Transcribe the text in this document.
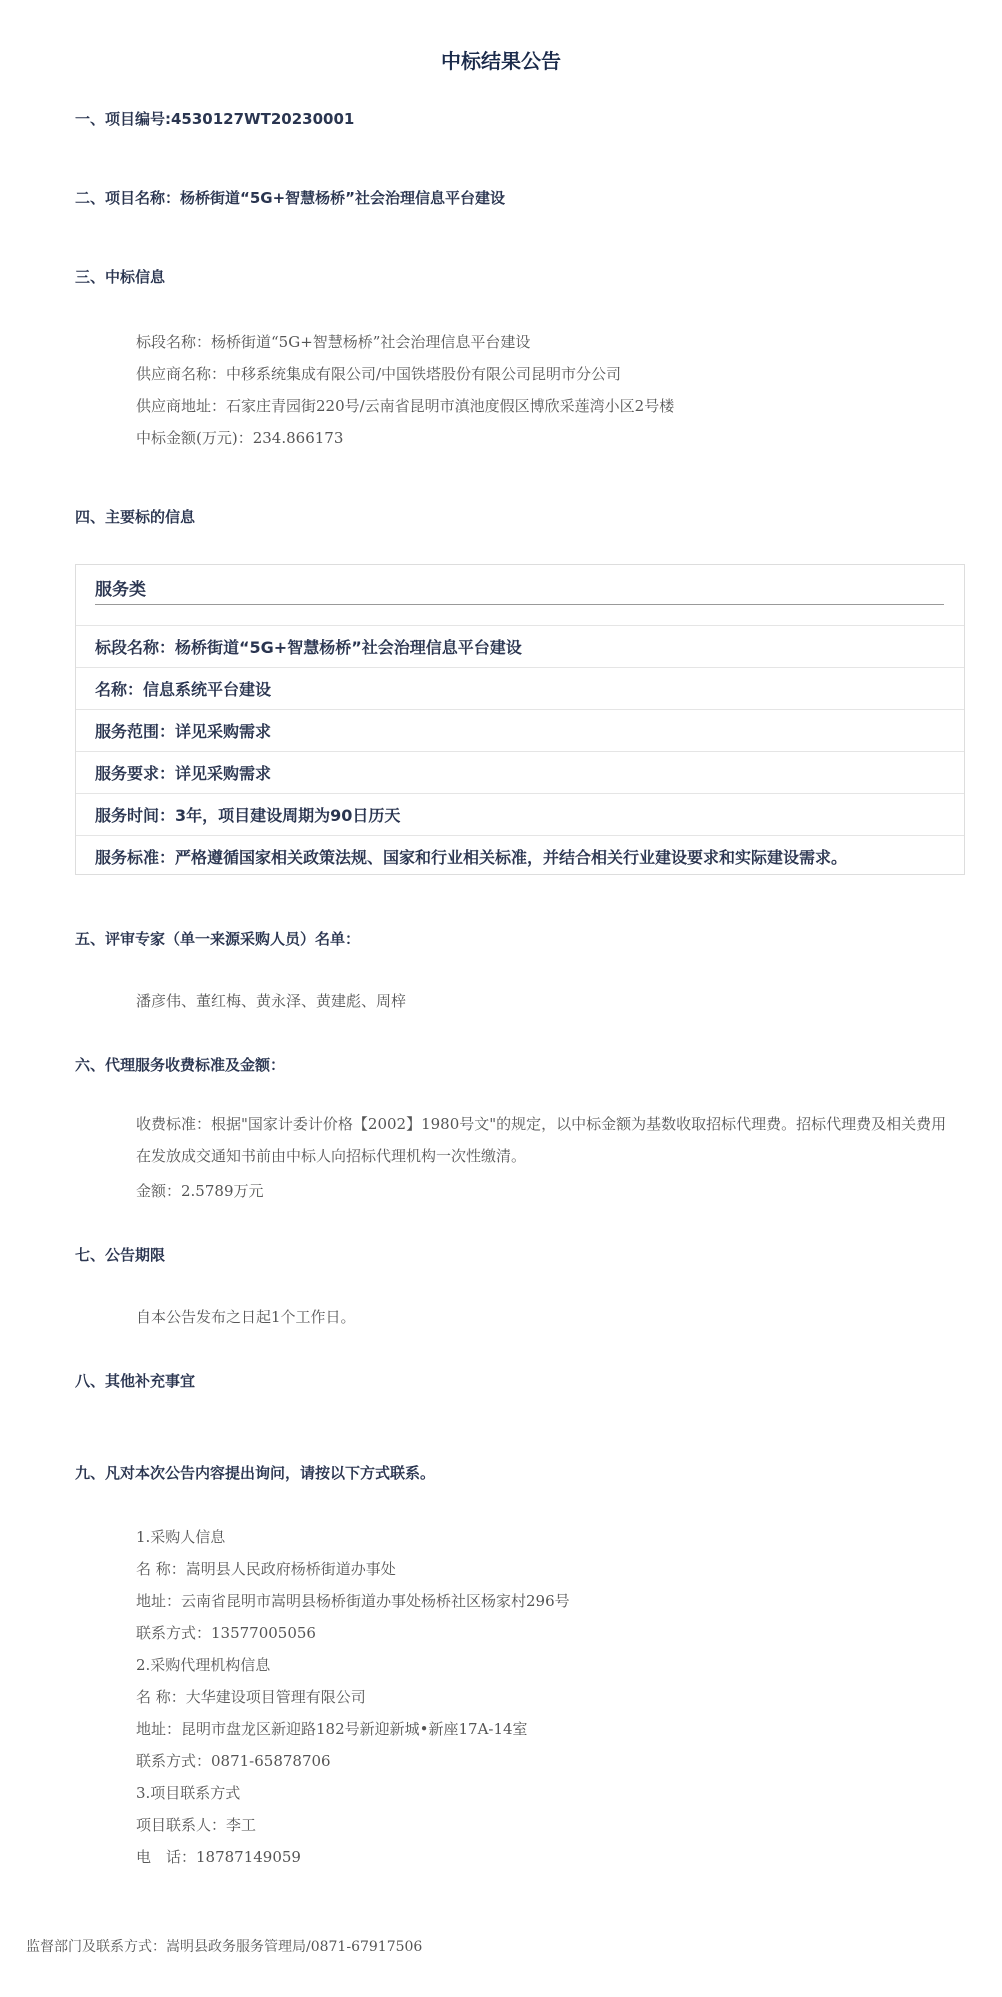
中标结果公告
一、项目编号:4530127WT20230001
二、项目名称：杨桥街道“5G+智慧杨桥”社会治理信息平台建设
三、中标信息
标段名称：杨桥街道“5G+智慧杨桥”社会治理信息平台建设
供应商名称：中移系统集成有限公司/中国铁塔股份有限公司昆明市分公司
供应商地址：石家庄青园街220号/云南省昆明市滇池度假区博欣采莲湾小区2号楼
中标金额(万元)：234.866173
四、主要标的信息
服务类
标段名称：杨桥街道“5G+智慧杨桥”社会治理信息平台建设
名称：信息系统平台建设
服务范围：详见采购需求
服务要求：详见采购需求
服务时间：3年，项目建设周期为90日历天
服务标准：严格遵循国家相关政策法规、国家和行业相关标准，并结合相关行业建设要求和实际建设需求。
五、评审专家（单一来源采购人员）名单：
潘彦伟、董红梅、黄永泽、黄建彪、周梓
六、代理服务收费标准及金额：
收费标准：根据"国家计委计价格【2002】1980号文"的规定，以中标金额为基数收取招标代理费。招标代理费及相关费用在发放成交通知书前由中标人向招标代理机构一次性缴清。
金额：2.5789万元
七、公告期限
自本公告发布之日起1个工作日。
八、其他补充事宜
九、凡对本次公告内容提出询问，请按以下方式联系。
1.采购人信息
名 称：嵩明县人民政府杨桥街道办事处
地址：云南省昆明市嵩明县杨桥街道办事处杨桥社区杨家村296号
联系方式：13577005056
2.采购代理机构信息
名 称：大华建设项目管理有限公司
地址：昆明市盘龙区新迎路182号新迎新城•新座17A-14室
联系方式：0871-65878706
3.项目联系方式
项目联系人：李工
电　话：18787149059
监督部门及联系方式：嵩明县政务服务管理局/0871-67917506
